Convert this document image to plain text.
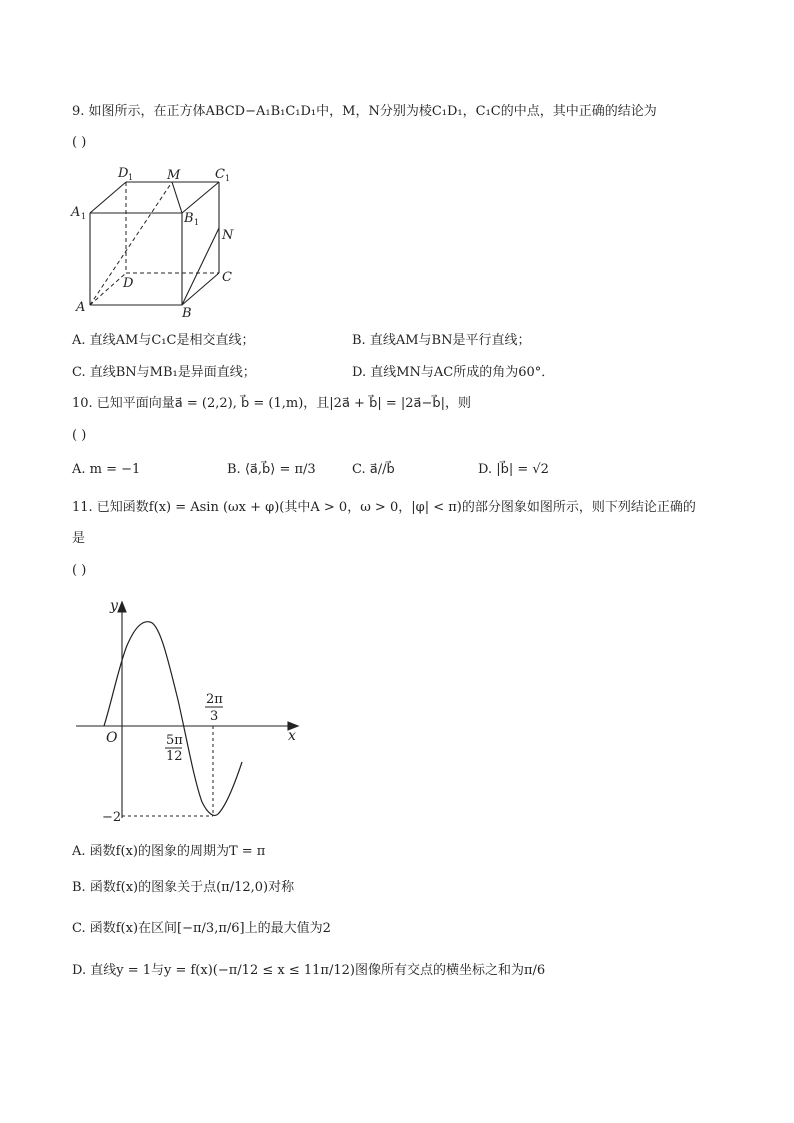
9. 如图所示，在正方体ABCD−A₁B₁C₁D₁中，M，N分别为棱C₁D₁，C₁C的中点，其中正确的结论为
( )
D 1	M	C 1
A 1	B 1
N
D	C
A	B
A. 直线AM与C₁C是相交直线；	B. 直线AM与BN是平行直线；
C. 直线BN与MB₁是异面直线；	D. 直线MN与AC所成的角为60°．
10. 已知平面向量a⃗ = (2,2), b⃗ = (1,m)，且|2a⃗ + b⃗| = |2a⃗−b⃗|，则
( )
A. m = −1	B. ⟨a⃗,b⃗⟩ = π/3	C. a⃗//b⃗	D. |b⃗| = √2
11. 已知函数f(x) = Asin (ωx + φ)(其中A > 0，ω > 0，|φ| < π)的部分图象如图所示，则下列结论正确的
是
( )
y
x
O	5π
12
2π
3
−2
A. 函数f(x)的图象的周期为T = π
B. 函数f(x)的图象关于点(π/12,0)对称
C. 函数f(x)在区间[−π/3,π/6]上的最大值为2
D. 直线y = 1与y = f(x)(−π/12 ≤ x ≤ 11π/12)图像所有交点的横坐标之和为π/6
